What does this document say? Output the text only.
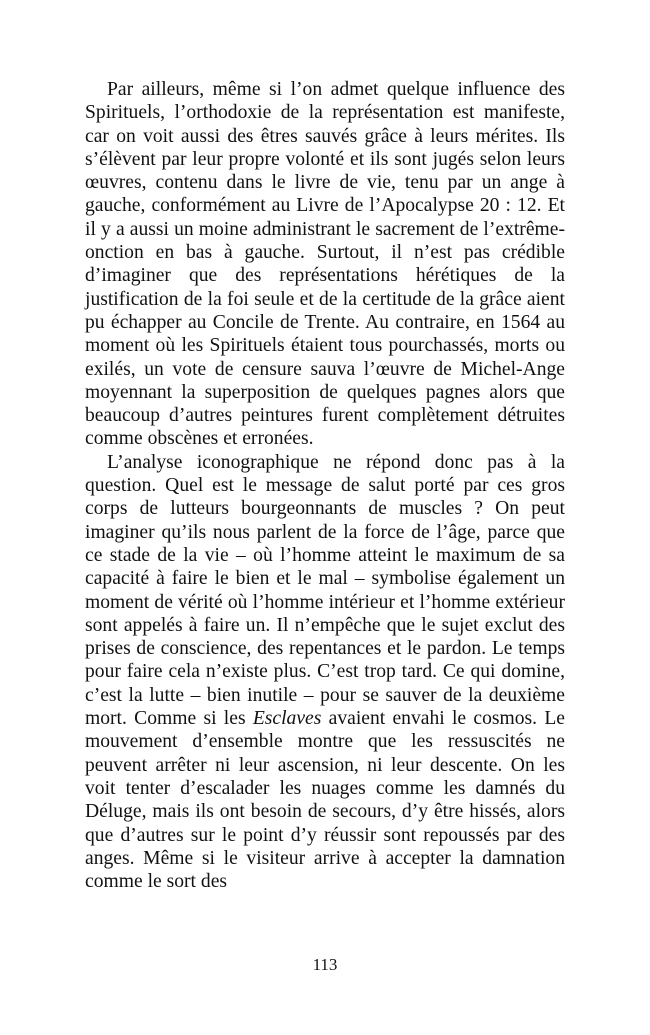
Par ailleurs, même si l’on admet quelque influence des Spirituels, l’orthodoxie de la représentation est manifeste, car on voit aussi des êtres sauvés grâce à leurs mérites. Ils s’élèvent par leur propre volonté et ils sont jugés selon leurs œuvres, contenu dans le livre de vie, tenu par un ange à gauche, conformément au Livre de l’Apocalypse 20 : 12. Et il y a aussi un moine administrant le sacrement de l’extrême-onction en bas à gauche. Surtout, il n’est pas crédible d’imaginer que des représentations hérétiques de la justification de la foi seule et de la certitude de la grâce aient pu échapper au Concile de Trente. Au contraire, en 1564 au moment où les Spirituels étaient tous pourchassés, morts ou exilés, un vote de censure sauva l’œuvre de Michel-Ange moyennant la superposition de quelques pagnes alors que beaucoup d’autres peintures furent complètement détruites comme obscènes et erronées.

L’analyse iconographique ne répond donc pas à la question. Quel est le message de salut porté par ces gros corps de lutteurs bourgeonnants de muscles ? On peut imaginer qu’ils nous parlent de la force de l’âge, parce que ce stade de la vie – où l’homme atteint le maximum de sa capacité à faire le bien et le mal – symbolise également un moment de vérité où l’homme intérieur et l’homme extérieur sont appelés à faire un. Il n’empêche que le sujet exclut des prises de conscience, des repentances et le pardon. Le temps pour faire cela n’existe plus. C’est trop tard. Ce qui domine, c’est la lutte – bien inutile – pour se sauver de la deuxième mort. Comme si les Esclaves avaient envahi le cosmos. Le mouvement d’ensemble montre que les ressuscités ne peuvent arrêter ni leur ascension, ni leur descente. On les voit tenter d’escalader les nuages comme les damnés du Déluge, mais ils ont besoin de secours, d’y être hissés, alors que d’autres sur le point d’y réussir sont repoussés par des anges. Même si le visiteur arrive à accepter la damnation comme le sort des

113
